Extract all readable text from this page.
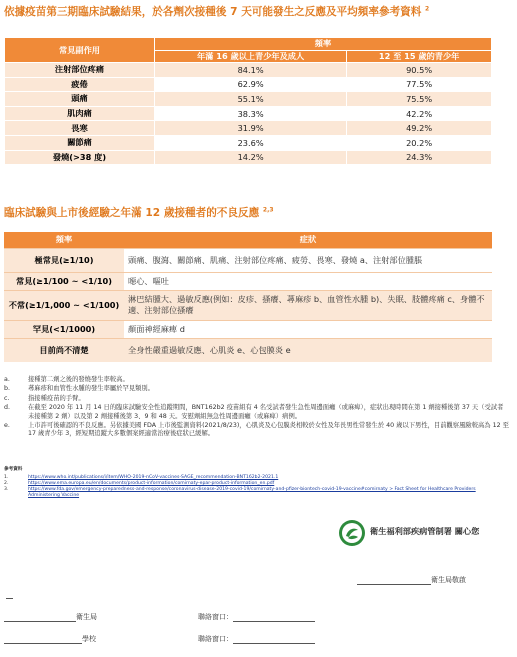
依據疫苗第三期臨床試驗結果，於各劑次接種後 7 天可能發生之反應及平均頻率參考資料 $^2$
常見副作用	頻率	
	年滿 16 歲以上青少年及成人	12 至 15 歲的青少年
注射部位疼痛	84.1%	90.5%
疲倦	62.9%	77.5%
頭痛	55.1%	75.5%
肌肉痛	38.3%	42.2%
畏寒	31.9%	49.2%
關節痛	23.6%	20.2%
發燒(>38 度)	14.2%	24.3%
臨床試驗與上市後經驗之年滿 12 歲接種者的不良反應 $^{2,3}$
頻率	症狀
極常見(≥1/10)	頭痛、腹瀉、關節痛、肌痛、注射部位疼痛、疲勞、畏寒、發燒 a、注射部位腫脹
常見(≥1/100 ~ <1/10)	噁心、嘔吐
不常(≥1/1,000 ~ <1/100)	淋巴結腫大、過敏反應(例如：皮疹、搔癢、蕁麻疹 b、血管性水腫 b)、失眠、肢體疼痛 c、身體不適、注射部位搔癢
罕見(<1/1000)	顏面神經麻痺 d
目前尚不清楚	全身性嚴重過敏反應、心肌炎 e、心包膜炎 e
a.	接種第二劑之後的發燒發生率較高。
b.	蕁麻疹和血管性水腫的發生率屬於罕見類別。
c.	指接種疫苗的手臂。
d.	在截至 2020 年 11 月 14 日的臨床試驗安全性追蹤期間，BNT162b2 疫苗組有 4 名受試者發生急性周邊面癱（或麻痺），症狀出現時間在第 1 劑接種後第 37 天（受試者未接種第 2 劑）以及第 2 劑接種後第 3、9 和 48 天。安慰劑組無急性周邊面癱（或麻痺）病例。
e.	上市許可後確認的不良反應。另依據美國 FDA 上市後監測資料(2021/8/23)，心肌炎及心包膜炎相較於女性及年長男性常發生於 40 歲以下男性，目前觀察風險較高為 12 至 17 歲青少年 3，經短期追蹤大多數個案經適當治療後症狀已緩解。
參考資料
1.	https://www.who.int/publications/i/item/WHO-2019-nCoV-vaccines-SAGE_recommendation-BNT162b2-2021.1
2.	https://www.ema.europa.eu/en/documents/product-information/comirnaty-epar-product-information_en.pdf
3.	https://www.fda.gov/emergency-preparedness-and-response/coronavirus-disease-2019-covid-19/comirnaty-and-pfizer-biontech-covid-19-vaccine#comirnaty > Fact Sheet for Healthcare Providers Administering Vaccine
衛生福利部疾病管制署 關心您
衛生局敬啟
衛生局
學校
聯絡窗口：
聯絡窗口：
